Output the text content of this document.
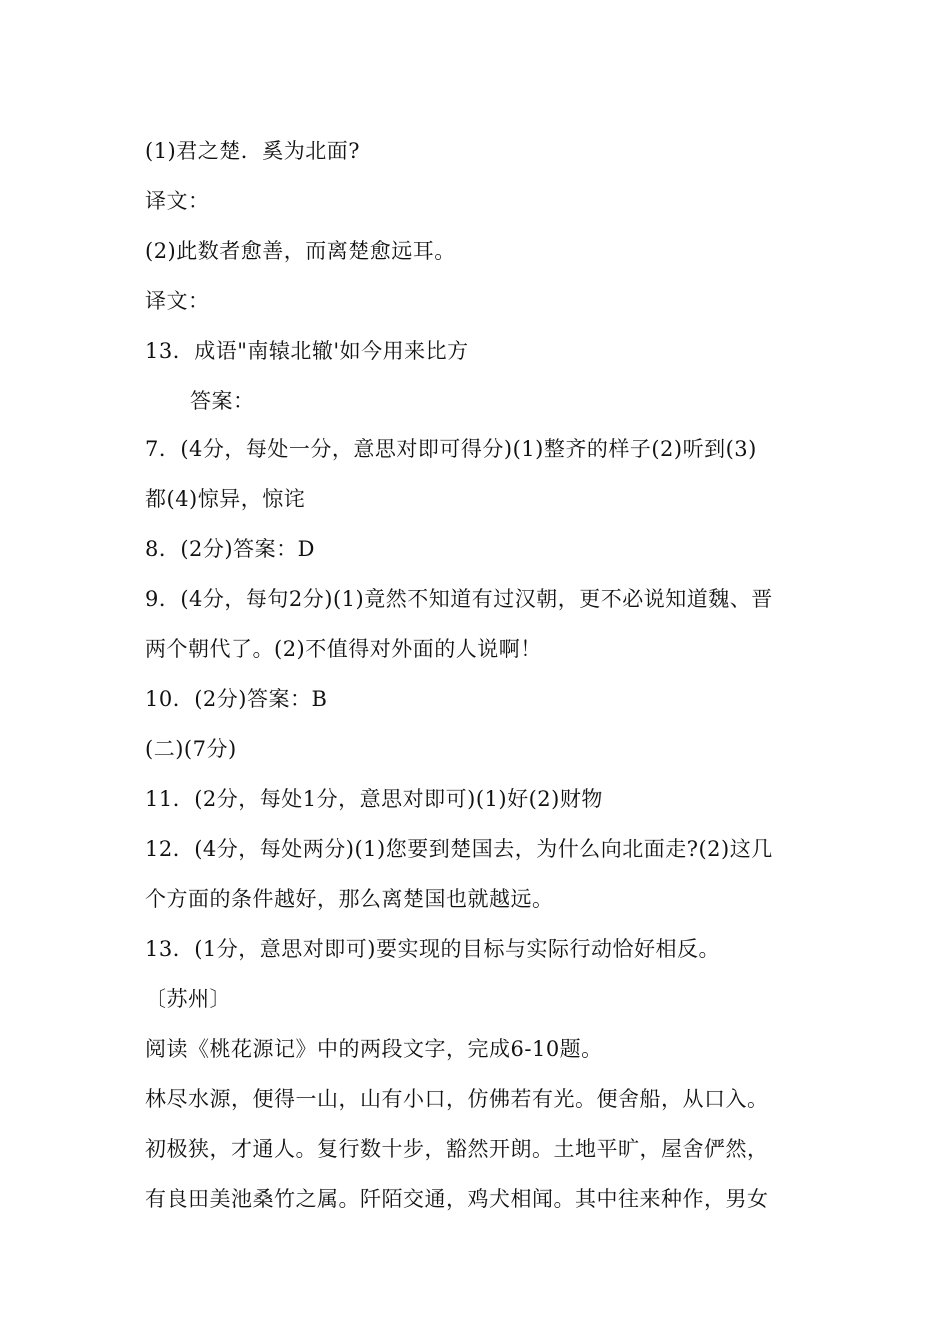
(1)君之楚．奚为北面?
译文：
(2)此数者愈善，而离楚愈远耳。
译文：
13．成语"南辕北辙'如今用来比方
答案：
7．(4分，每处一分，意思对即可得分)(1)整齐的样子(2)听到(3)
都(4)惊异，惊诧
8．(2分)答案：D
9．(4分，每句2分)(1)竟然不知道有过汉朝，更不必说知道魏、晋
两个朝代了。(2)不值得对外面的人说啊！
10．(2分)答案：B
(二)(7分)
11．(2分，每处1分，意思对即可)(1)好(2)财物
12．(4分，每处两分)(1)您要到楚国去，为什么向北面走?(2)这几
个方面的条件越好，那么离楚国也就越远。
13．(1分，意思对即可)要实现的目标与实际行动恰好相反。
〔苏州〕
阅读《桃花源记》中的两段文字，完成6-10题。
林尽水源，便得一山，山有小口，仿佛若有光。便舍船，从口入。
初极狭，才通人。复行数十步，豁然开朗。土地平旷，屋舍俨然，
有良田美池桑竹之属。阡陌交通，鸡犬相闻。其中往来种作，男女
